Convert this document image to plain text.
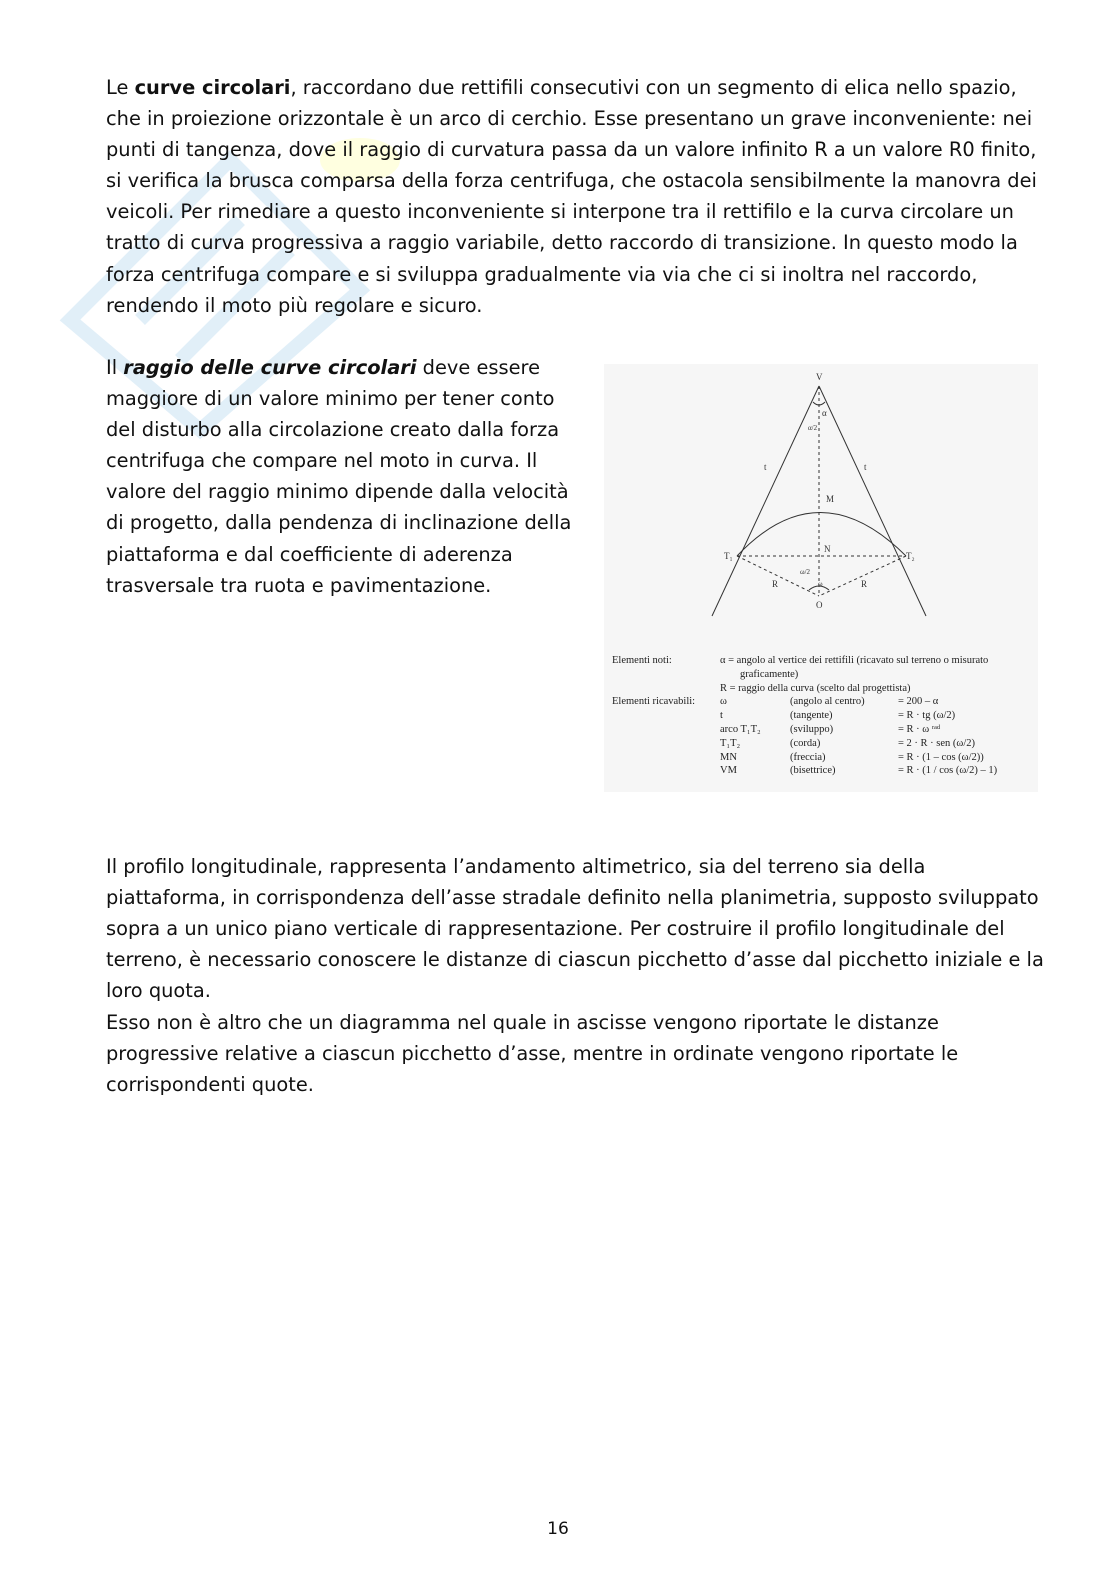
Le curve circolari, raccordano due rettifili consecutivi con un segmento di elica nello spazio, che in proiezione orizzontale è un arco di cerchio. Esse presentano un grave inconveniente: nei punti di tangenza, dove il raggio di curvatura passa da un valore infinito R a un valore R0 finito, si verifica la brusca comparsa della forza centrifuga, che ostacola sensibilmente la manovra dei veicoli. Per rimediare a questo inconveniente si interpone tra il rettifilo e la curva circolare un tratto di curva progressiva a raggio variabile, detto raccordo di transizione. In questo modo la forza centrifuga compare e si sviluppa gradualmente via via che ci si inoltra nel raccordo, rendendo il moto più regolare e sicuro.

Il raggio delle curve circolari deve essere maggiore di un valore minimo per tener conto del disturbo alla circolazione creato dalla forza centrifuga che compare nel moto in curva. Il valore del raggio minimo dipende dalla velocità di progetto, dalla pendenza di inclinazione della piattaforma e dal coefficiente di aderenza trasversale tra ruota e pavimentazione.

V
M
N
T₁	T₂
O
t	t
R	R
α
α/2
ω
ω/2
Elementi noti:	α = angolo al vertice dei rettifili (ricavato sul terreno o misurato
graficamente)
R = raggio della curva (scelto dal progettista)
Elementi ricavabili: ω	(angolo al centro)	= 200 – α
t	(tangente)	= R · tg (ω/2)
arco T₁T₂	(sviluppo)	= R · ω ʳᵃᵈ
T₁T₂	(corda)	= 2 · R · sen (ω/2)
MN	(freccia)	= R · (1 – cos (ω/2))
VM	(bisettrice)	= R · (1 / cos (ω/2) – 1)

Il profilo longitudinale, rappresenta l’andamento altimetrico, sia del terreno sia della piattaforma, in corrispondenza dell’asse stradale definito nella planimetria, supposto sviluppato sopra a un unico piano verticale di rappresentazione. Per costruire il profilo longitudinale del terreno, è necessario conoscere le distanze di ciascun picchetto d’asse dal picchetto iniziale e la loro quota.

Esso non è altro che un diagramma nel quale in ascisse vengono riportate le distanze progressive relative a ciascun picchetto d’asse, mentre in ordinate vengono riportate le corrispondenti quote.

16
